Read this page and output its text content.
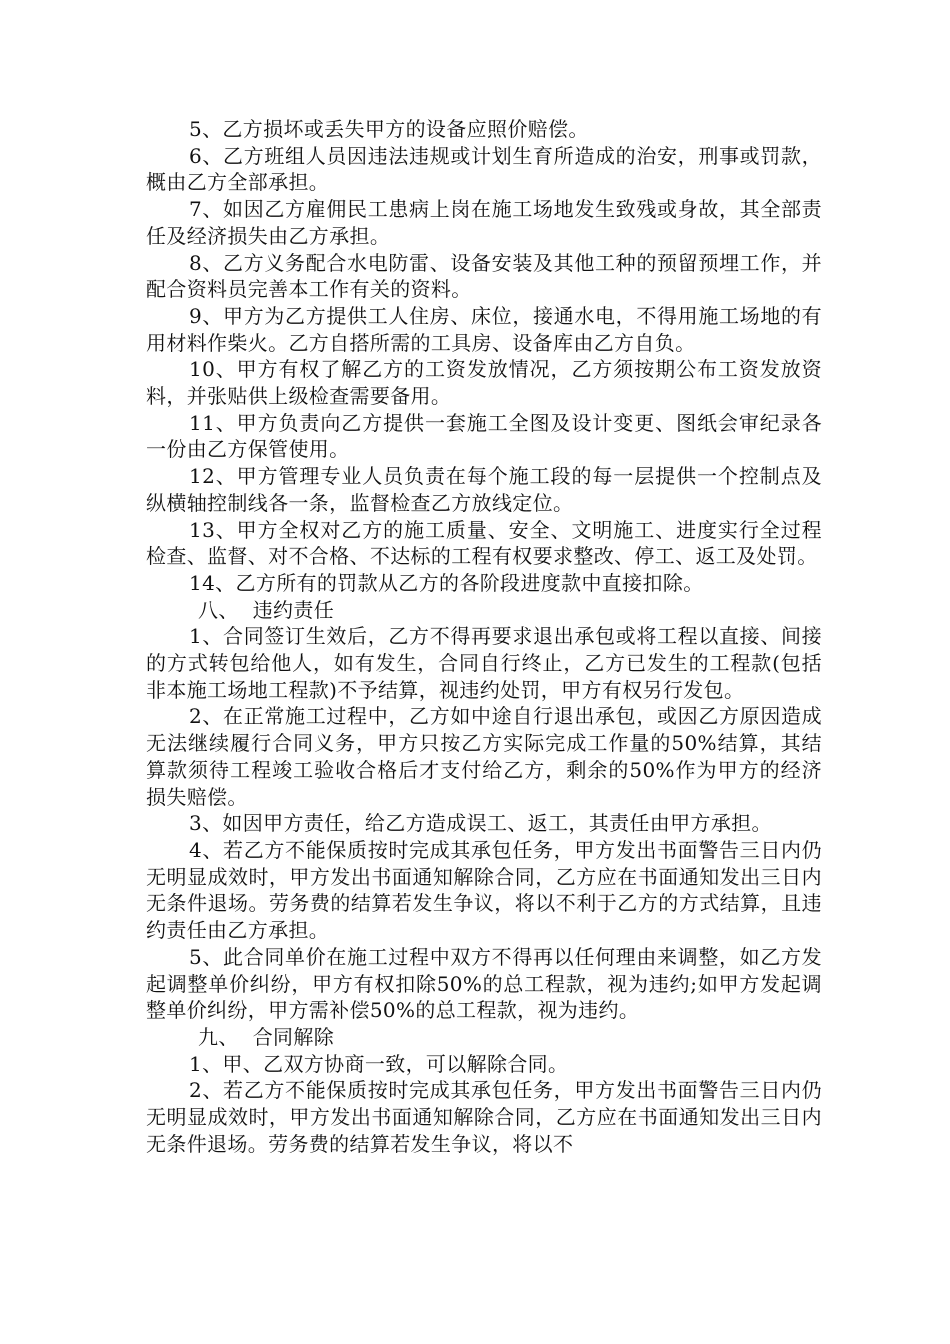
5、乙方损坏或丢失甲方的设备应照价赔偿。

6、乙方班组人员因违法违规或计划生育所造成的治安，刑事或罚款，概由乙方全部承担。

7、如因乙方雇佣民工患病上岗在施工场地发生致残或身故，其全部责任及经济损失由乙方承担。

8、乙方义务配合水电防雷、设备安装及其他工种的预留预埋工作，并配合资料员完善本工作有关的资料。

9、甲方为乙方提供工人住房、床位，接通水电，不得用施工场地的有用材料作柴火。乙方自搭所需的工具房、设备库由乙方自负。

10、甲方有权了解乙方的工资发放情况，乙方须按期公布工资发放资料，并张贴供上级检查需要备用。

11、甲方负责向乙方提供一套施工全图及设计变更、图纸会审纪录各一份由乙方保管使用。

12、甲方管理专业人员负责在每个施工段的每一层提供一个控制点及纵横轴控制线各一条，监督检查乙方放线定位。

13、甲方全权对乙方的施工质量、安全、文明施工、进度实行全过程检查、监督、对不合格、不达标的工程有权要求整改、停工、返工及处罚。

14、乙方所有的罚款从乙方的各阶段进度款中直接扣除。

八、 违约责任

1、合同签订生效后，乙方不得再要求退出承包或将工程以直接、间接的方式转包给他人，如有发生，合同自行终止，乙方已发生的工程款(包括非本施工场地工程款)不予结算，视违约处罚，甲方有权另行发包。

2、在正常施工过程中，乙方如中途自行退出承包，或因乙方原因造成无法继续履行合同义务，甲方只按乙方实际完成工作量的50%结算，其结算款须待工程竣工验收合格后才支付给乙方，剩余的50%作为甲方的经济损失赔偿。

3、如因甲方责任，给乙方造成误工、返工，其责任由甲方承担。

4、若乙方不能保质按时完成其承包任务，甲方发出书面警告三日内仍无明显成效时，甲方发出书面通知解除合同，乙方应在书面通知发出三日内无条件退场。劳务费的结算若发生争议，将以不利于乙方的方式结算，且违约责任由乙方承担。

5、此合同单价在施工过程中双方不得再以任何理由来调整，如乙方发起调整单价纠纷，甲方有权扣除50%的总工程款，视为违约;如甲方发起调整单价纠纷，甲方需补偿50%的总工程款，视为违约。

九、 合同解除

1、甲、乙双方协商一致，可以解除合同。

2、若乙方不能保质按时完成其承包任务，甲方发出书面警告三日内仍无明显成效时，甲方发出书面通知解除合同，乙方应在书面通知发出三日内无条件退场。劳务费的结算若发生争议，将以不
